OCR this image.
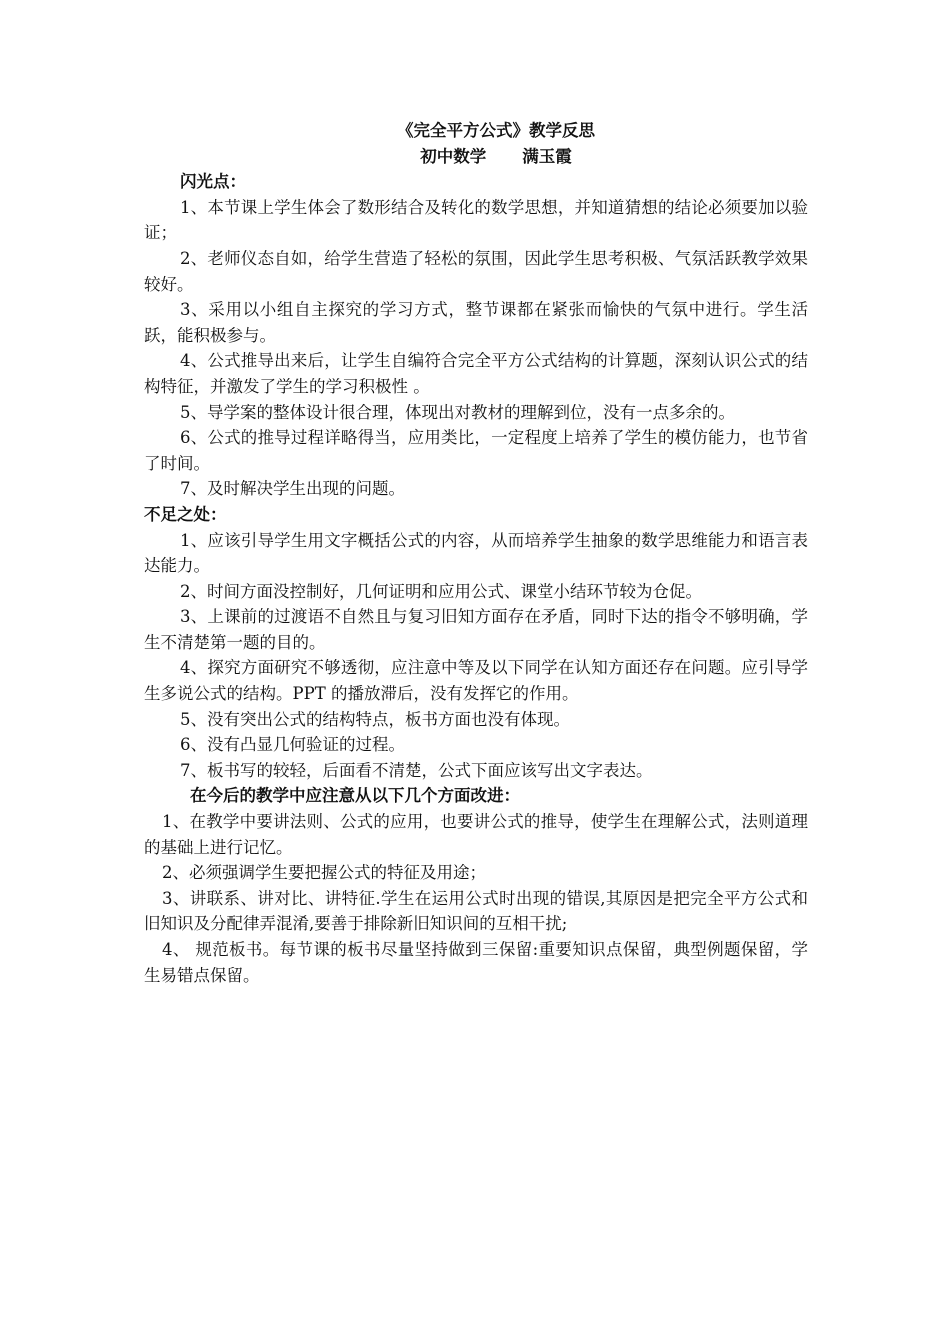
《完全平方公式》教学反思
初中数学 满玉霞
闪光点：

1、本节课上学生体会了数形结合及转化的数学思想，并知道猜想的结论必须要加以验证；

2、老师仪态自如，给学生营造了轻松的氛围，因此学生思考积极、气氛活跃教学效果较好。

3、采用以小组自主探究的学习方式，整节课都在紧张而愉快的气氛中进行。学生活跃，能积极参与。

4、公式推导出来后，让学生自编符合完全平方公式结构的计算题，深刻认识公式的结构特征，并激发了学生的学习积极性 。

5、导学案的整体设计很合理，体现出对教材的理解到位，没有一点多余的。

6、公式的推导过程详略得当，应用类比，一定程度上培养了学生的模仿能力，也节省了时间。

7、及时解决学生出现的问题。

不足之处：

1、应该引导学生用文字概括公式的内容，从而培养学生抽象的数学思维能力和语言表达能力。

2、时间方面没控制好，几何证明和应用公式、课堂小结环节较为仓促。

3、上课前的过渡语不自然且与复习旧知方面存在矛盾，同时下达的指令不够明确，学生不清楚第一题的目的。

4、探究方面研究不够透彻，应注意中等及以下同学在认知方面还存在问题。应引导学生多说公式的结构。PPT 的播放滞后，没有发挥它的作用。

5、没有突出公式的结构特点，板书方面也没有体现。

6、没有凸显几何验证的过程。

7、板书写的较轻，后面看不清楚，公式下面应该写出文字表达。

在今后的教学中应注意从以下几个方面改进：

1、在教学中要讲法则、公式的应用，也要讲公式的推导，使学生在理解公式，法则道理的基础上进行记忆。

2、必须强调学生要把握公式的特征及用途；

3、讲联系、讲对比、讲特征.学生在运用公式时出现的错误,其原因是把完全平方公式和旧知识及分配律弄混淆,要善于排除新旧知识间的互相干扰;

4、 规范板书。每节课的板书尽量坚持做到三保留:重要知识点保留，典型例题保留，学生易错点保留。
